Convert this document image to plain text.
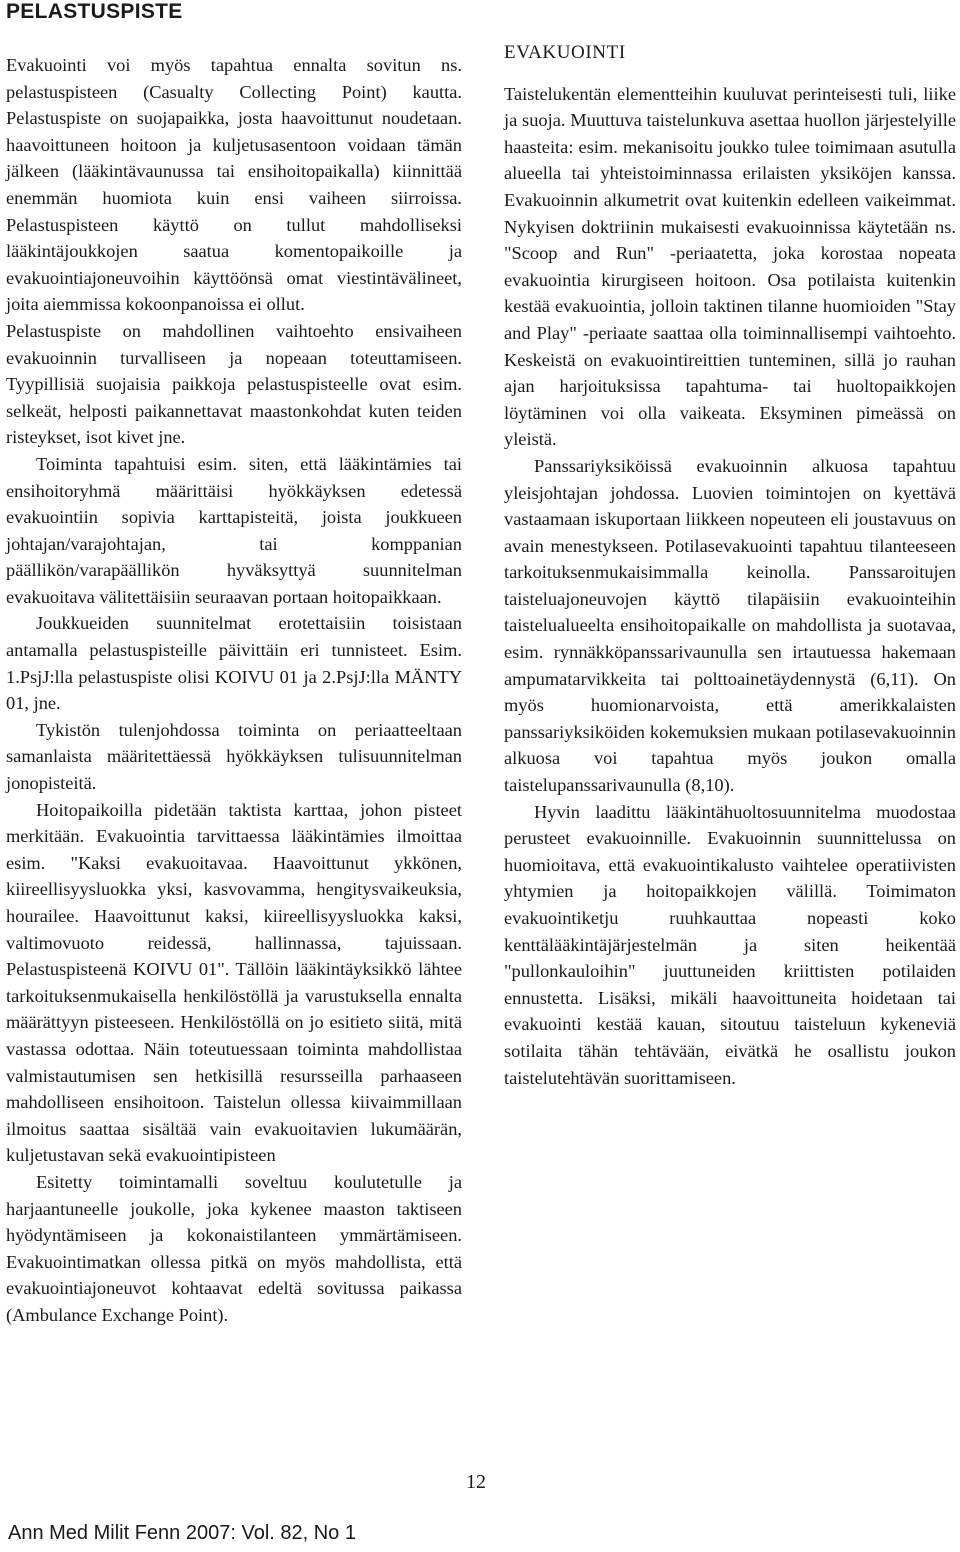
PELASTUSPISTE

Evakuointi voi myös tapahtua ennalta sovitun ns. pelastuspisteen (Casualty Collecting Point) kautta. Pelastuspiste on suojapaikka, josta haavoittunut noudetaan. haavoittuneen hoitoon ja kuljetusasentoon voidaan tämän jälkeen (lääkintävaunussa tai ensihoitopaikalla) kiinnittää enemmän huomiota kuin ensi vaiheen siirroissa. Pelastuspisteen käyttö on tullut mahdolliseksi lääkintäjoukkojen saatua komentopaikoille ja evakuointiajoneuvoihin käyttöönsä omat viestintävälineet, joita aiemmissa kokoonpanoissa ei ollut.

Pelastuspiste on mahdollinen vaihtoehto ensivaiheen evakuoinnin turvalliseen ja nopeaan toteuttamiseen. Tyypillisiä suojaisia paikkoja pelastuspisteelle ovat esim. selkeät, helposti paikannettavat maastonkohdat kuten teiden risteykset, isot kivet jne.

Toiminta tapahtuisi esim. siten, että lääkintämies tai ensihoitoryhmä määrittäisi hyökkäyksen edetessä evakuointiin sopivia karttapisteitä, joista joukkueen johtajan/varajohtajan, tai komppanian päällikön/varapäällikön hyväksyttyä suunnitelman evakuoitava välitettäisiin seuraavan portaan hoitopaikkaan.

Joukkueiden suunnitelmat erotettaisiin toisistaan antamalla pelastuspisteille päivittäin eri tunnisteet. Esim. 1.PsjJ:lla pelastuspiste olisi KOIVU 01 ja 2.PsjJ:lla MÄNTY 01, jne.

Tykistön tulenjohdossa toiminta on periaatteeltaan samanlaista määritettäessä hyökkäyksen tulisuunnitelman jonopisteitä.

Hoitopaikoilla pidetään taktista karttaa, johon pisteet merkitään. Evakuointia tarvittaessa lääkintämies ilmoittaa esim. "Kaksi evakuoitavaa. Haavoittunut ykkönen, kiireellisyysluokka yksi, kasvovamma, hengitysvaikeuksia, hourailee. Haavoittunut kaksi, kiireellisyysluokka kaksi, valtimovuoto reidessä, hallinnassa, tajuissaan. Pelastuspisteenä KOIVU 01". Tällöin lääkintäyksikkö lähtee tarkoituksenmukaisella henkilöstöllä ja varustuksella ennalta määrättyyn pisteeseen. Henkilöstöllä on jo esitieto siitä, mitä vastassa odottaa. Näin toteutuessaan toiminta mahdollistaa valmistautumisen sen hetkisillä resursseilla parhaaseen mahdolliseen ensihoitoon. Taistelun ollessa kiivaimmillaan ilmoitus saattaa sisältää vain evakuoitavien lukumäärän, kuljetustavan sekä evakuointipisteen

Esitetty toimintamalli soveltuu koulutetulle ja harjaantuneelle joukolle, joka kykenee maaston taktiseen hyödyntämiseen ja kokonaistilanteen ymmärtämiseen. Evakuointimatkan ollessa pitkä on myös mahdollista, että evakuointiajoneuvot kohtaavat edeltä sovitussa paikassa (Ambulance Exchange Point).

EVAKUOINTI

Taistelukentän elementteihin kuuluvat perinteisesti tuli, liike ja suoja. Muuttuva taistelunkuva asettaa huollon järjestelyille haasteita: esim. mekanisoitu joukko tulee toimimaan asutulla alueella tai yhteistoiminnassa erilaisten yksiköjen kanssa. Evakuoinnin alkumetrit ovat kuitenkin edelleen vaikeimmat. Nykyisen doktriinin mukaisesti evakuoinnissa käytetään ns. "Scoop and Run" -periaatetta, joka korostaa nopeata evakuointia kirurgiseen hoitoon. Osa potilaista kuitenkin kestää evakuointia, jolloin taktinen tilanne huomioiden "Stay and Play" -periaate saattaa olla toiminnallisempi vaihtoehto. Keskeistä on evakuointireittien tunteminen, sillä jo rauhan ajan harjoituksissa tapahtuma- tai huoltopaikkojen löytäminen voi olla vaikeata. Eksyminen pimeässä on yleistä.

Panssariyksiköissä evakuoinnin alkuosa tapahtuu yleisjohtajan johdossa. Luovien toimintojen on kyettävä vastaamaan iskuportaan liikkeen nopeuteen eli joustavuus on avain menestykseen. Potilasevakuointi tapahtuu tilanteeseen tarkoituksenmukaisimmalla keinolla. Panssaroitujen taisteluajoneuvojen käyttö tilapäisiin evakuointeihin taistelualueelta ensihoitopaikalle on mahdollista ja suotavaa, esim. rynnäkköpanssarivaunulla sen irtautuessa hakemaan ampumatarvikkeita tai polttoainetäydennystä (6,11). On myös huomionarvoista, että amerikkalaisten panssariyksiköiden kokemuksien mukaan potilasevakuoinnin alkuosa voi tapahtua myös joukon omalla taistelupanssarivaunulla (8,10).

Hyvin laadittu lääkintähuoltosuunnitelma muodostaa perusteet evakuoinnille. Evakuoinnin suunnittelussa on huomioitava, että evakuointikalusto vaihtelee operatiivisten yhtymien ja hoitopaikkojen välillä. Toimimaton evakuointiketju ruuhkauttaa nopeasti koko kenttälääkintäjärjestelmän ja siten heikentää "pullonkauloihin" juuttuneiden kriittisten potilaiden ennustetta. Lisäksi, mikäli haavoittuneita hoidetaan tai evakuointi kestää kauan, sitoutuu taisteluun kykeneviä sotilaita tähän tehtävään, eivätkä he osallistu joukon taistelutehtävän suorittamiseen.

12
Ann Med Milit Fenn 2007: Vol. 82, No 1
